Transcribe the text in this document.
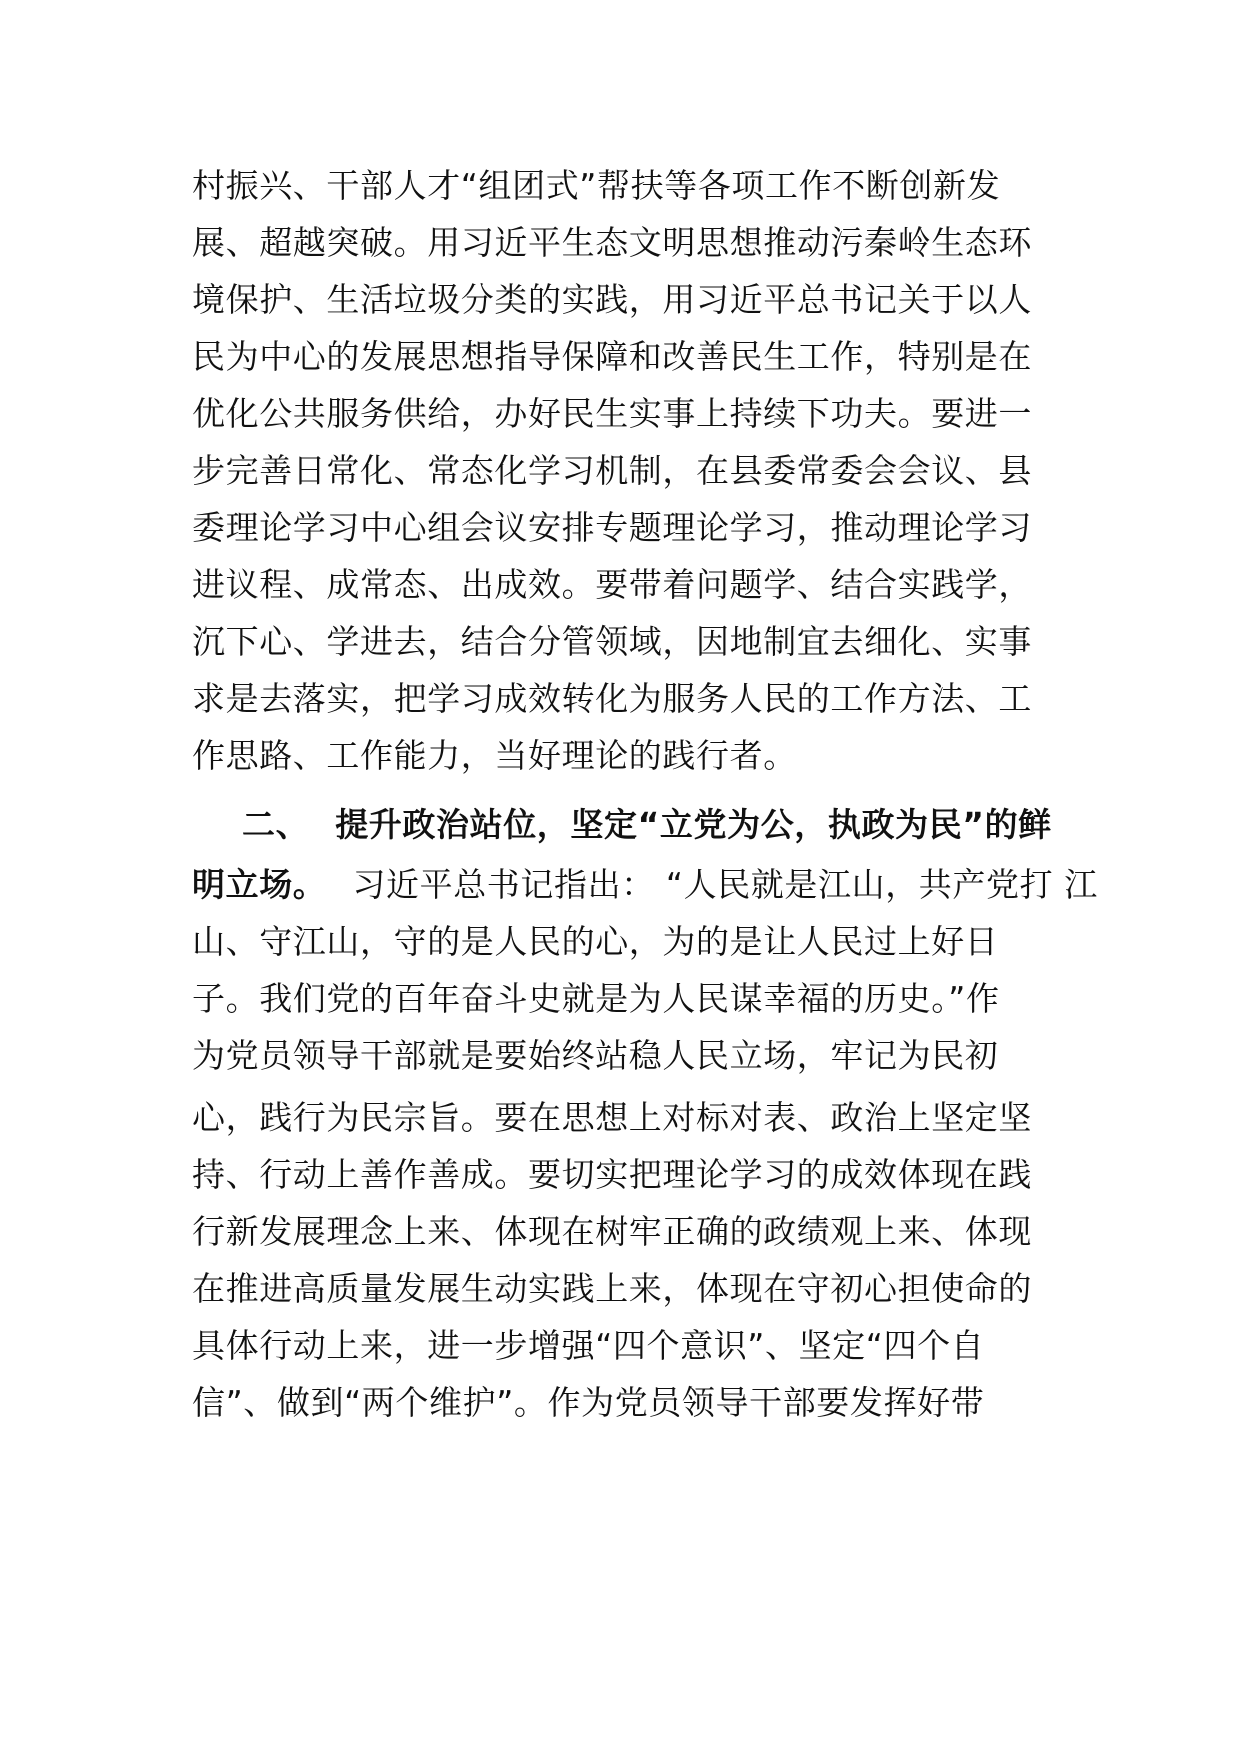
村振兴、干部人才“组团式”帮扶等各项工作不断创新发
展、超越突破。用习近平生态文明思想推动污秦岭生态环
境保护、生活垃圾分类的实践，用习近平总书记关于以人
民为中心的发展思想指导保障和改善民生工作，特别是在
优化公共服务供给，办好民生实事上持续下功夫。要进一
步完善日常化、常态化学习机制，在县委常委会会议、县
委理论学习中心组会议安排专题理论学习，推动理论学习
进议程、成常态、出成效。要带着问题学、结合实践学，
沉下心、学进去，结合分管领域，因地制宜去细化、实事
求是去落实，把学习成效转化为服务人民的工作方法、工
作思路、工作能力，当好理论的践行者。
二、 提升政治站位，坚定“立党为公，执政为民”的鲜
明立场。 习近平总书记指出： “人民就是江山，共产党打 江
山、守江山，守的是人民的心，为的是让人民过上好日
子。我们党的百年奋斗史就是为人民谋幸福的历史。”作
为党员领导干部就是要始终站稳人民立场，牢记为民初
心，践行为民宗旨。要在思想上对标对表、政治上坚定坚
持、行动上善作善成。要切实把理论学习的成效体现在践
行新发展理念上来、体现在树牢正确的政绩观上来、体现
在推进高质量发展生动实践上来，体现在守初心担使命的
具体行动上来，进一步增强“四个意识”、坚定“四个自
信”、做到“两个维护”。作为党员领导干部要发挥好带
